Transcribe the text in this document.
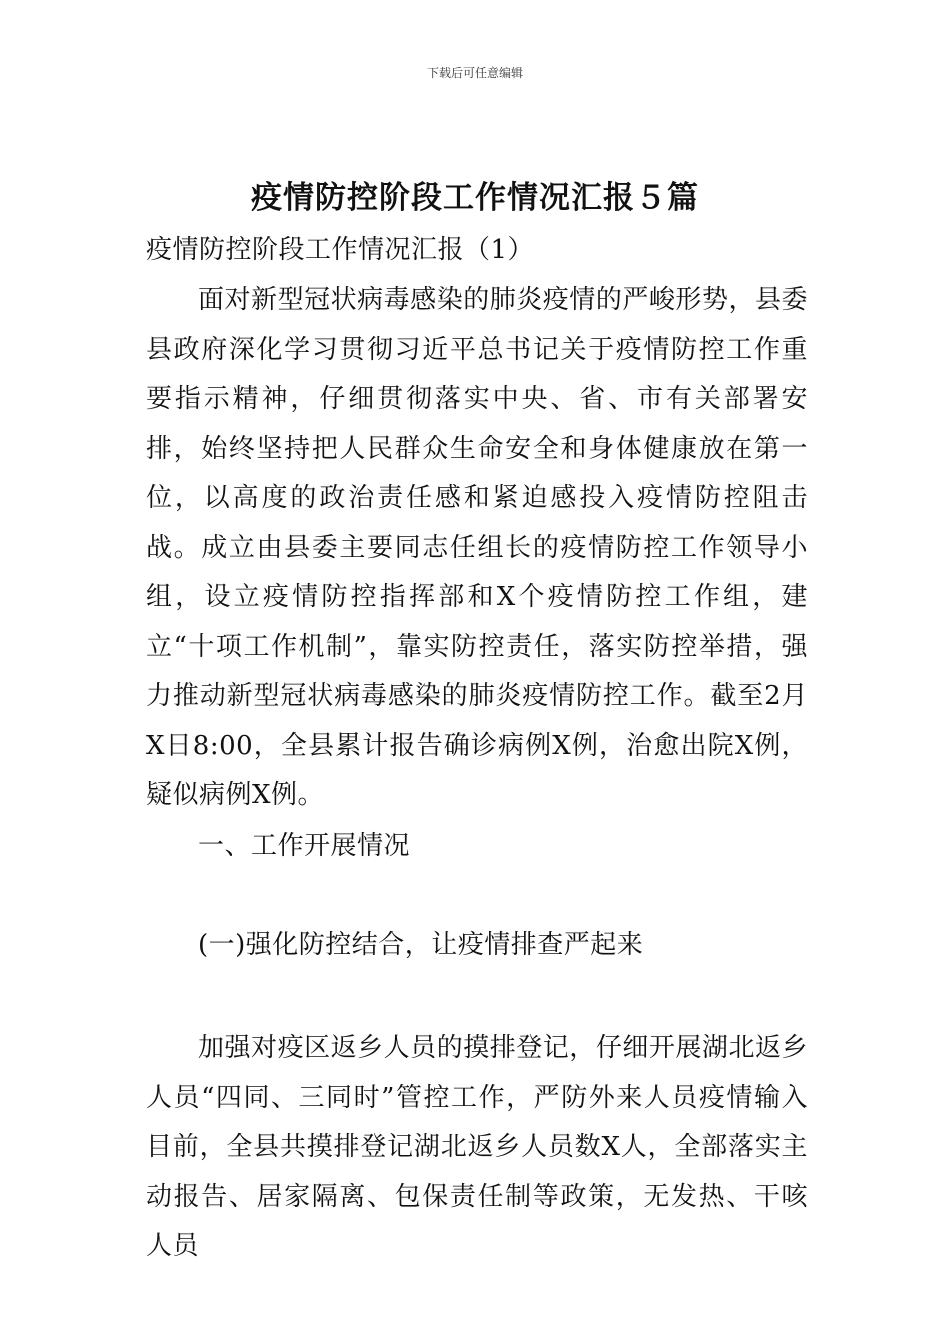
下载后可任意编辑
疫情防控阶段工作情况汇报５篇

疫情防控阶段工作情况汇报（1）

面对新型冠状病毒感染的肺炎疫情的严峻形势，县委县政府深化学习贯彻习近平总书记关于疫情防控工作重要指示精神，仔细贯彻落实中央、省、市有关部署安排，始终坚持把人民群众生命安全和身体健康放在第一位，以高度的政治责任感和紧迫感投入疫情防控阻击战。成立由县委主要同志任组长的疫情防控工作领导小组，设立疫情防控指挥部和X个疫情防控工作组，建立“十项工作机制”，靠实防控责任，落实防控举措，强力推动新型冠状病毒感染的肺炎疫情防控工作。截至2月X日8:00，全县累计报告确诊病例X例，治愈出院X例，疑似病例X例。

一、工作开展情况

(一)强化防控结合，让疫情排查严起来

加强对疫区返乡人员的摸排登记，仔细开展湖北返乡人员“四同、三同时”管控工作，严防外来人员疫情输入目前，全县共摸排登记湖北返乡人员数X人，全部落实主动报告、居家隔离、包保责任制等政策，无发热、干咳人员
